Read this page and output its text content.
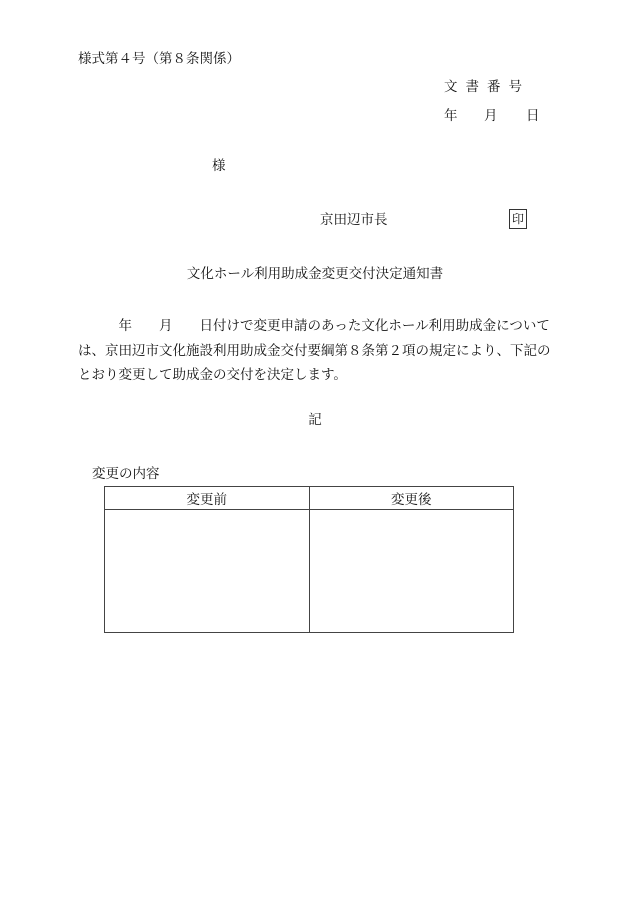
様式第４号（第８条関係）
文書番号
年 月 日
様
京田辺市長	印
文化ホール利用助成金変更交付決定通知書
　　　年　　月　　日付けで変更申請のあった文化ホール利用助成金については、京田辺市文化施設利用助成金交付要綱第８条第２項の規定により、下記のとおり変更して助成金の交付を決定します。
記
変更の内容
変更前	変更後
